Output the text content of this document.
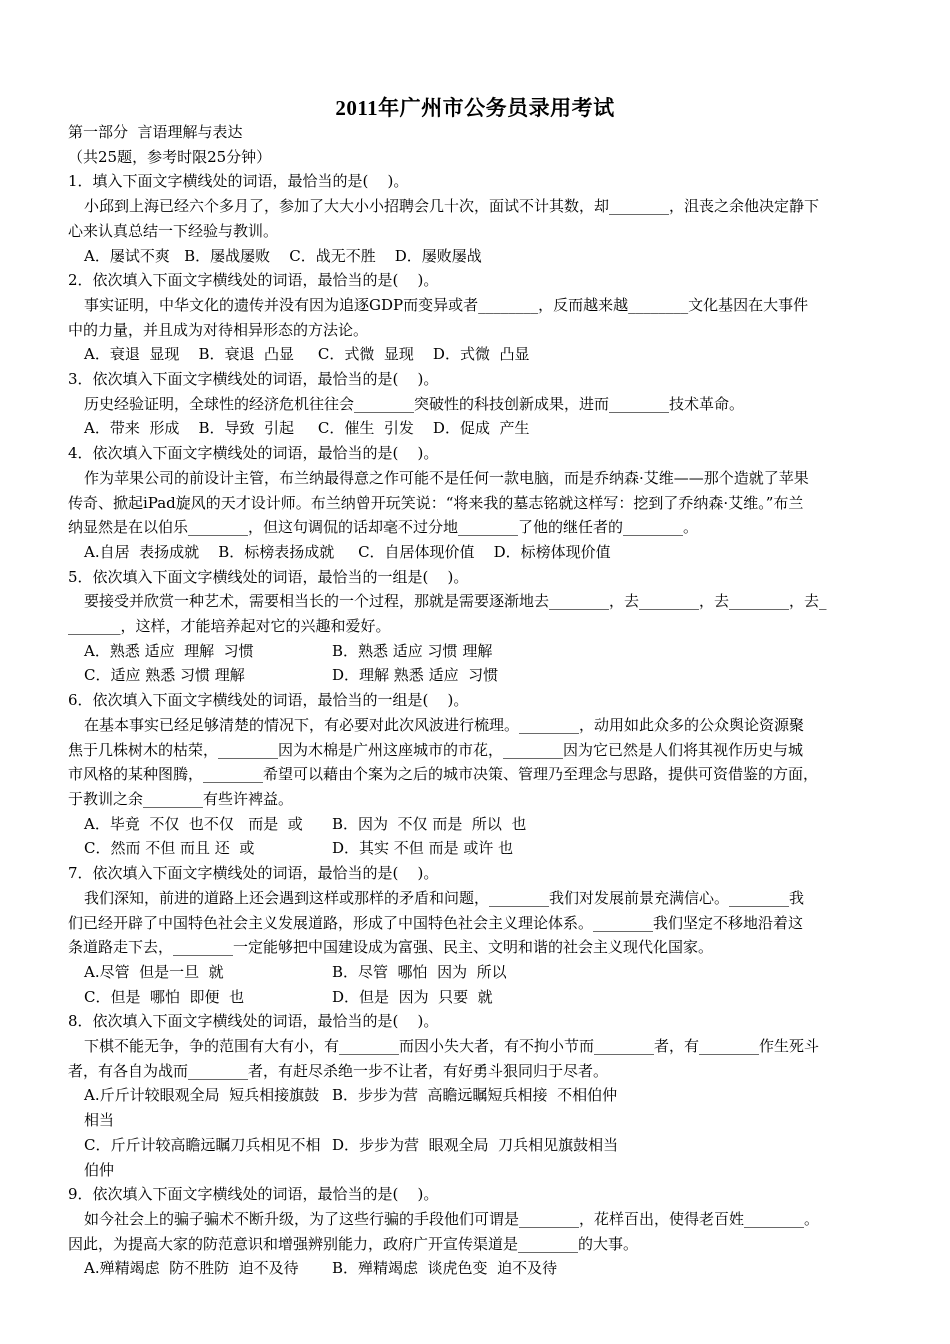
2011年广州市公务员录用考试
第一部分  言语理解与表达
（共25题，参考时限25分钟）
1．填入下面文字横线处的词语，最恰当的是(    )。
小邱到上海已经六个多月了，参加了大大小小招聘会几十次，面试不计其数，却________，沮丧之余他决定静下
心来认真总结一下经验与教训。
A．屡试不爽   B．屡战屡败    C．战无不胜    D．屡败屡战
2．依次填入下面文字横线处的词语，最恰当的是(    )。
事实证明，中华文化的遗传并没有因为追逐GDP而变异或者________，反而越来越________文化基因在大事件
中的力量，并且成为对待相异形态的方法论。
A．衰退  显现    B．衰退  凸显     C．式微  显现    D．式微  凸显
3．依次填入下面文字横线处的词语，最恰当的是(    )。
历史经验证明，全球性的经济危机往往会________突破性的科技创新成果，进而________技术革命。
A．带来  形成    B．导致  引起     C．催生  引发    D．促成  产生
4．依次填入下面文字横线处的词语，最恰当的是(    )。
作为苹果公司的前设计主管，布兰纳最得意之作可能不是任何一款电脑，而是乔纳森·艾维——那个造就了苹果
传奇、掀起iPad旋风的天才设计师。布兰纳曾开玩笑说：“将来我的墓志铭就这样写：挖到了乔纳森·艾维。”布兰
纳显然是在以伯乐________，但这句调侃的话却毫不过分地________了他的继任者的________。
A.自居  表扬成就    B．标榜表扬成就     C．自居体现价值    D．标榜体现价值
5．依次填入下面文字横线处的词语，最恰当的一组是(    )。
要接受并欣赏一种艺术，需要相当长的一个过程，那就是需要逐渐地去________，去________，去________，去_
_______，这样，才能培养起对它的兴趣和爱好。
A．熟悉 适应  理解  习惯	B．熟悉 适应 习惯 理解
C．适应 熟悉 习惯 理解	D．理解 熟悉 适应  习惯
6．依次填入下面文字横线处的词语，最恰当的一组是(    )。
在基本事实已经足够清楚的情况下，有必要对此次风波进行梳理。________，动用如此众多的公众舆论资源聚
焦于几株树木的枯荣，________因为木棉是广州这座城市的市花，________因为它已然是人们将其视作历史与城
市风格的某种图腾，________希望可以藉由个案为之后的城市决策、管理乃至理念与思路，提供可资借鉴的方面，
于教训之余________有些许裨益。
A．毕竟  不仅  也不仅   而是  或	B．因为  不仅 而是  所以  也
C．然而 不但 而且 还  或	D．其实 不但 而是 或许 也
7．依次填入下面文字横线处的词语，最恰当的是(    )。
我们深知，前进的道路上还会遇到这样或那样的矛盾和问题，________我们对发展前景充满信心。________我
们已经开辟了中国特色社会主义发展道路，形成了中国特色社会主义理论体系。________我们坚定不移地沿着这
条道路走下去，________一定能够把中国建设成为富强、民主、文明和谐的社会主义现代化国家。
A.尽管  但是一旦  就	B．尽管  哪怕  因为  所以
C．但是  哪怕  即便  也	D．但是  因为  只要  就
8．依次填入下面文字横线处的词语，最恰当的是(    )。
下棋不能无争，争的范围有大有小，有________而因小失大者，有不拘小节而________者，有________作生死斗
者，有各自为战而________者，有赶尽杀绝一步不让者，有好勇斗狠同归于尽者。
A.斤斤计较眼观全局  短兵相接旗鼓相当
B．步步为营  高瞻远瞩短兵相接  不相伯仲
C．斤斤计较高瞻远瞩刀兵相见不相伯仲
D．步步为营  眼观全局  刀兵相见旗鼓相当
9．依次填入下面文字横线处的词语，最恰当的是(    )。
如今社会上的骗子骗术不断升级，为了这些行骗的手段他们可谓是________，花样百出，使得老百姓________。
因此，为提高大家的防范意识和增强辨别能力，政府广开宣传渠道是________的大事。
A.殚精竭虑  防不胜防  迫不及待	B．殚精竭虑  谈虎色变  迫不及待
